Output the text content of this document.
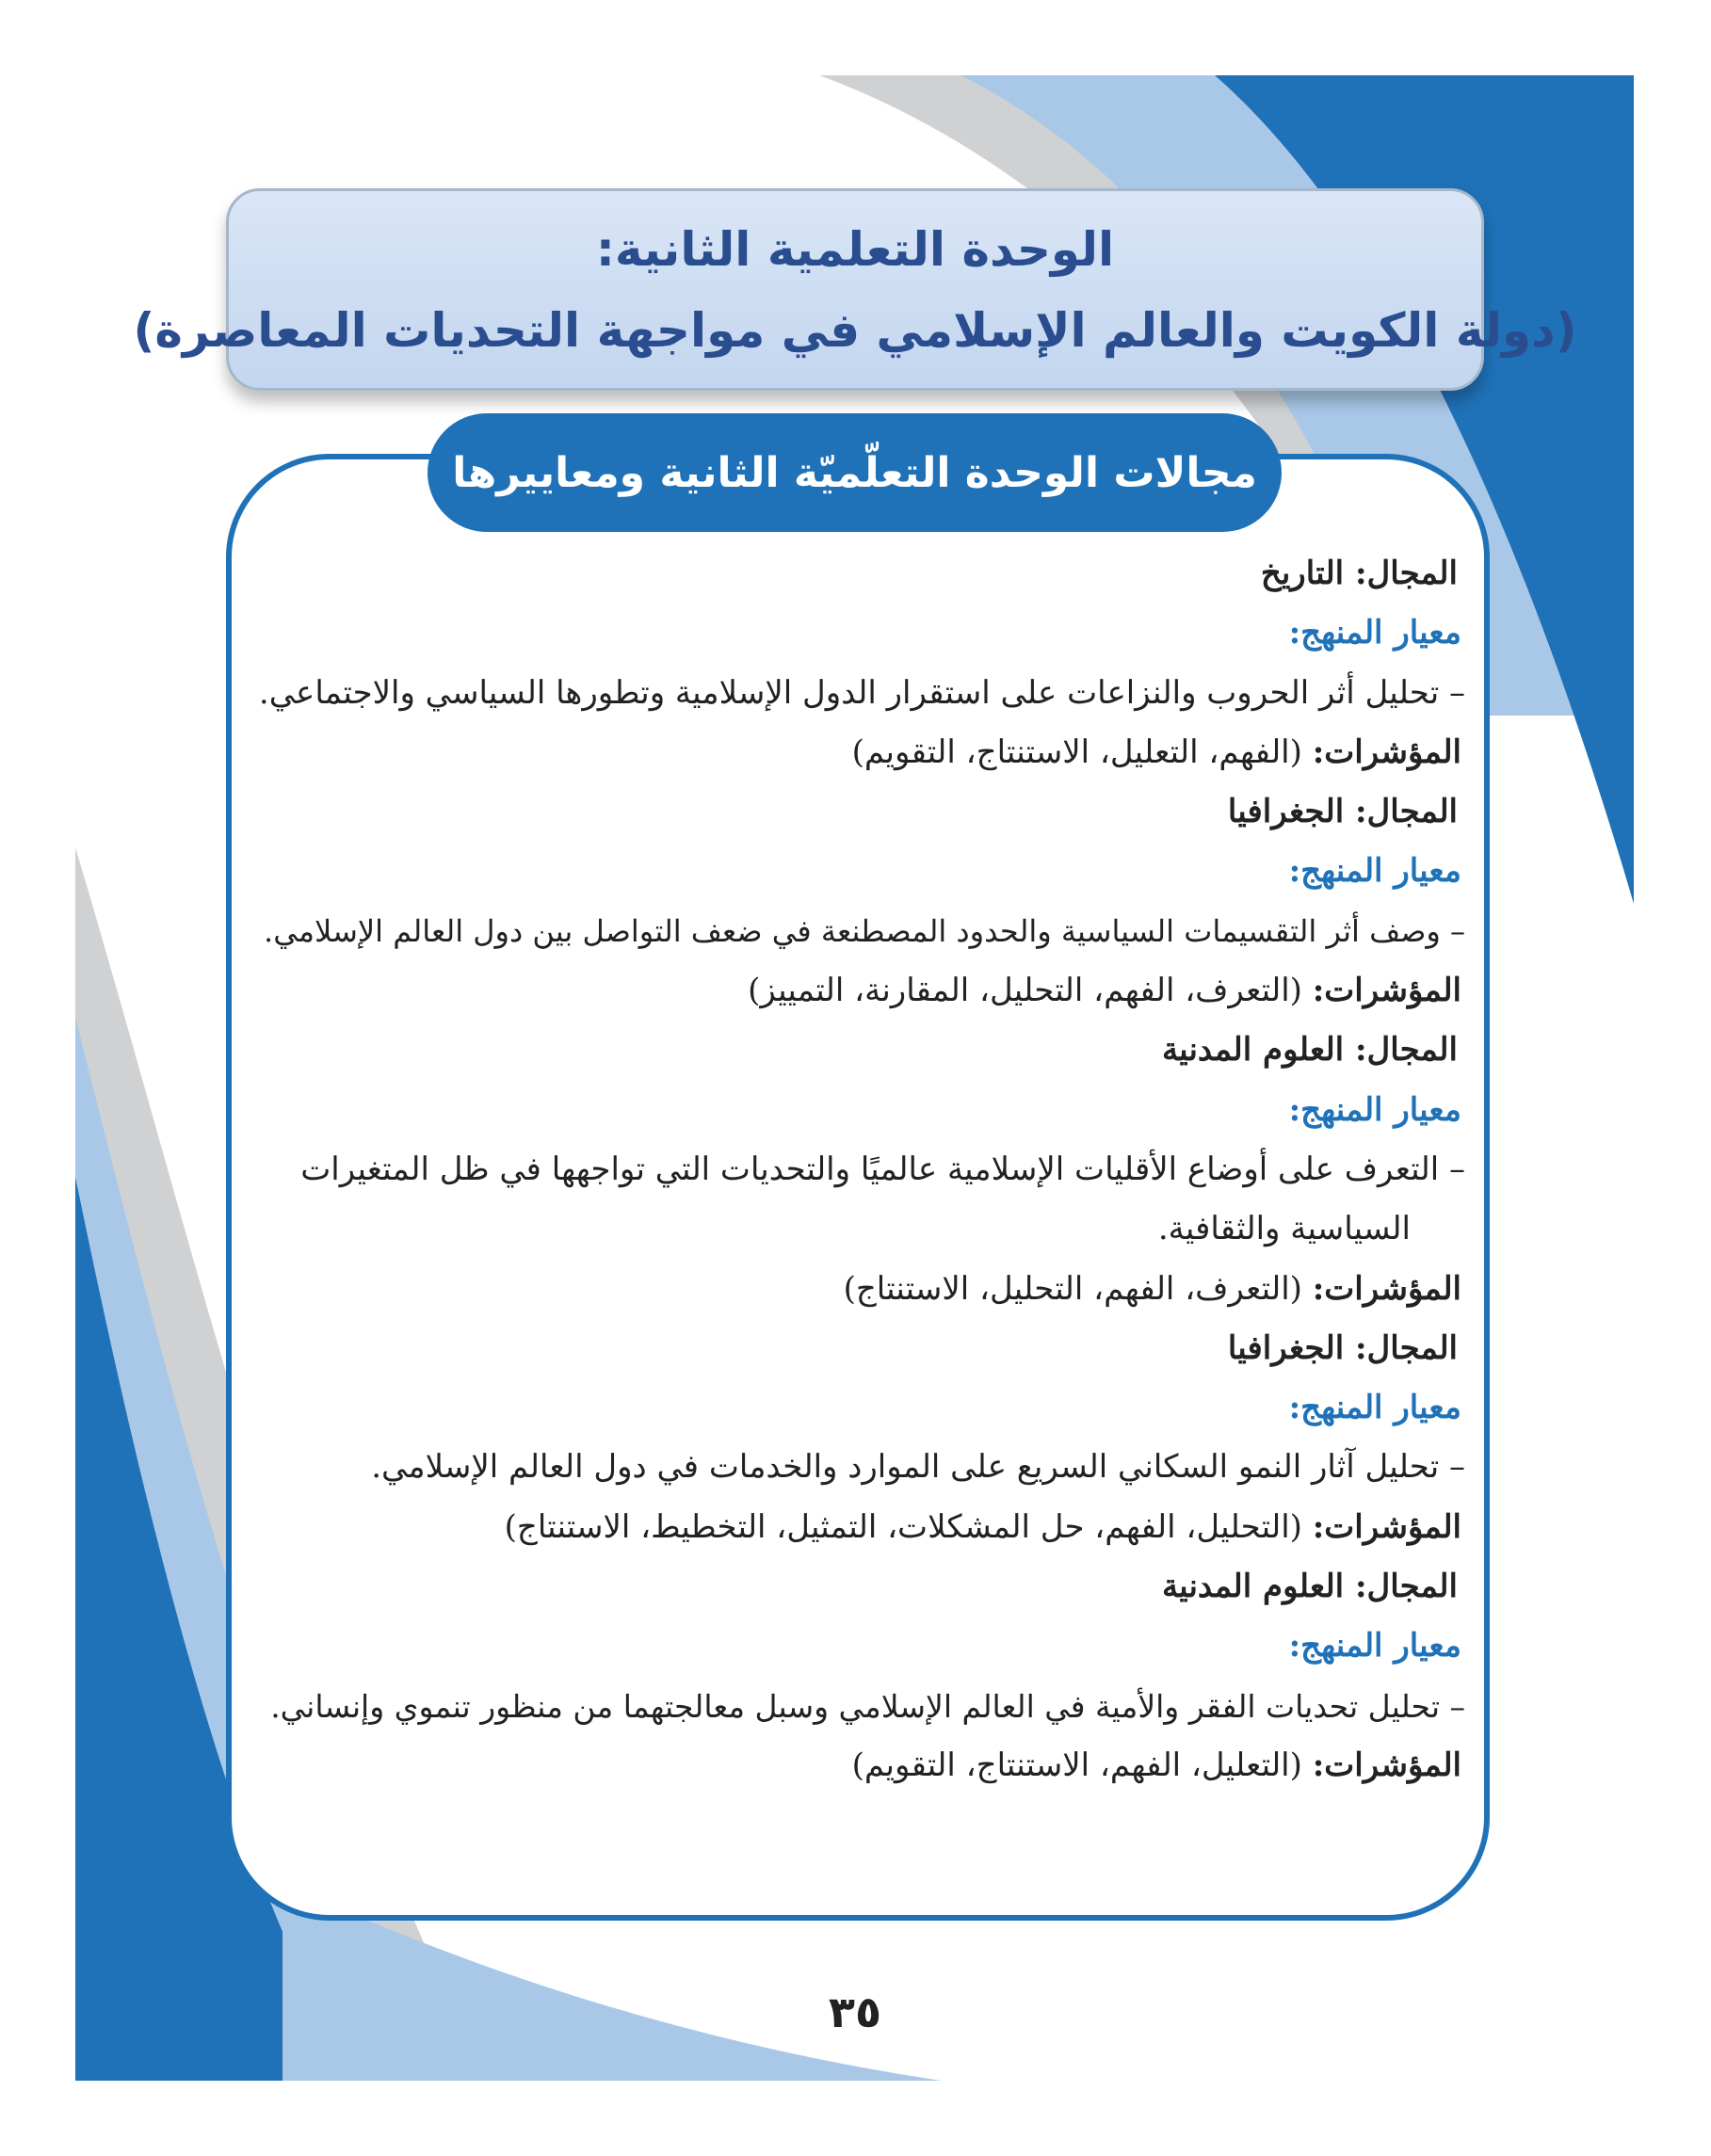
الوحدة التعلمية الثانية:
(دولة الكويت والعالم الإسلامي في مواجهة التحديات المعاصرة)
مجالات الوحدة التعلّميّة الثانية ومعاييرها
المجال: التاريخ
معيار المنهج:
– تحليل أثر الحروب والنزاعات على استقرار الدول الإسلامية وتطورها السياسي والاجتماعي.
المؤشرات: (الفهم، التعليل، الاستنتاج، التقويم)
المجال: الجغرافيا
معيار المنهج:
– وصف أثر التقسيمات السياسية والحدود المصطنعة في ضعف التواصل بين دول العالم الإسلامي.
المؤشرات: (التعرف، الفهم، التحليل، المقارنة، التمييز)
المجال: العلوم المدنية
معيار المنهج:
– التعرف على أوضاع الأقليات الإسلامية عالميًا والتحديات التي تواجهها في ظل المتغيرات
السياسية والثقافية.
المؤشرات: (التعرف، الفهم، التحليل، الاستنتاج)
المجال: الجغرافيا
معيار المنهج:
– تحليل آثار النمو السكاني السريع على الموارد والخدمات في دول العالم الإسلامي.
المؤشرات: (التحليل، الفهم، حل المشكلات، التمثيل، التخطيط، الاستنتاج)
المجال: العلوم المدنية
معيار المنهج:
– تحليل تحديات الفقر والأمية في العالم الإسلامي وسبل معالجتهما من منظور تنموي وإنساني.
المؤشرات: (التعليل، الفهم، الاستنتاج، التقويم)
٣٥
